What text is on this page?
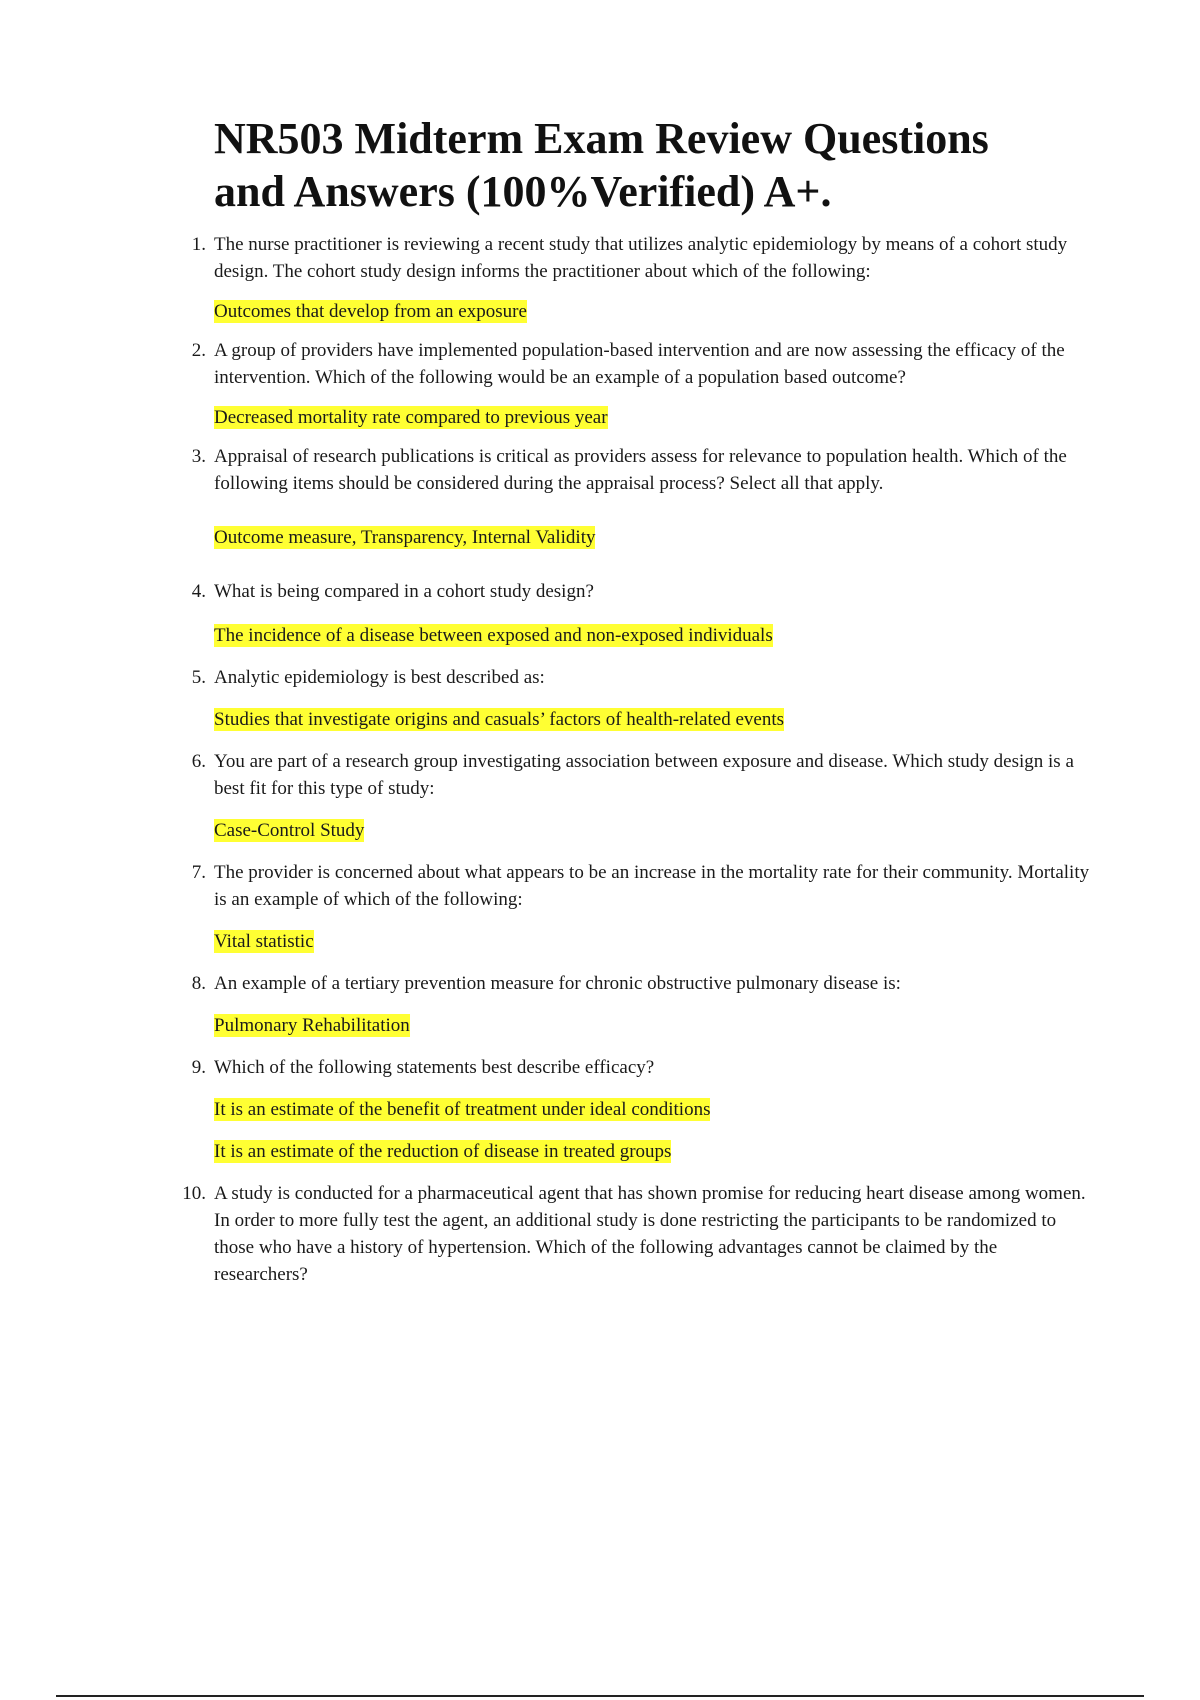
NR503 Midterm Exam Review Questions
and Answers (100%Verified) A+.
1. The nurse practitioner is reviewing a recent study that utilizes analytic epidemiology by means of a cohort study design. The cohort study design informs the practitioner about which of the following:

Outcomes that develop from an exposure

2. A group of providers have implemented population-based intervention and are now assessing the efficacy of the intervention. Which of the following would be an example of a population based outcome?

Decreased mortality rate compared to previous year

3. Appraisal of research publications is critical as providers assess for relevance to population health. Which of the following items should be considered during the appraisal process? Select all that apply.

Outcome measure, Transparency, Internal Validity

4. What is being compared in a cohort study design?

The incidence of a disease between exposed and non-exposed individuals

5. Analytic epidemiology is best described as:

Studies that investigate origins and casuals’ factors of health-related events

6. You are part of a research group investigating association between exposure and disease. Which study design is a best fit for this type of study:

Case-Control Study

7. The provider is concerned about what appears to be an increase in the mortality rate for their community. Mortality is an example of which of the following:

Vital statistic

8. An example of a tertiary prevention measure for chronic obstructive pulmonary disease is:

Pulmonary Rehabilitation

9. Which of the following statements best describe efficacy?

It is an estimate of the benefit of treatment under ideal conditions

It is an estimate of the reduction of disease in treated groups

10. A study is conducted for a pharmaceutical agent that has shown promise for reducing heart disease among women. In order to more fully test the agent, an additional study is done restricting the participants to be randomized to those who have a history of hypertension. Which of the following advantages cannot be claimed by the researchers?
